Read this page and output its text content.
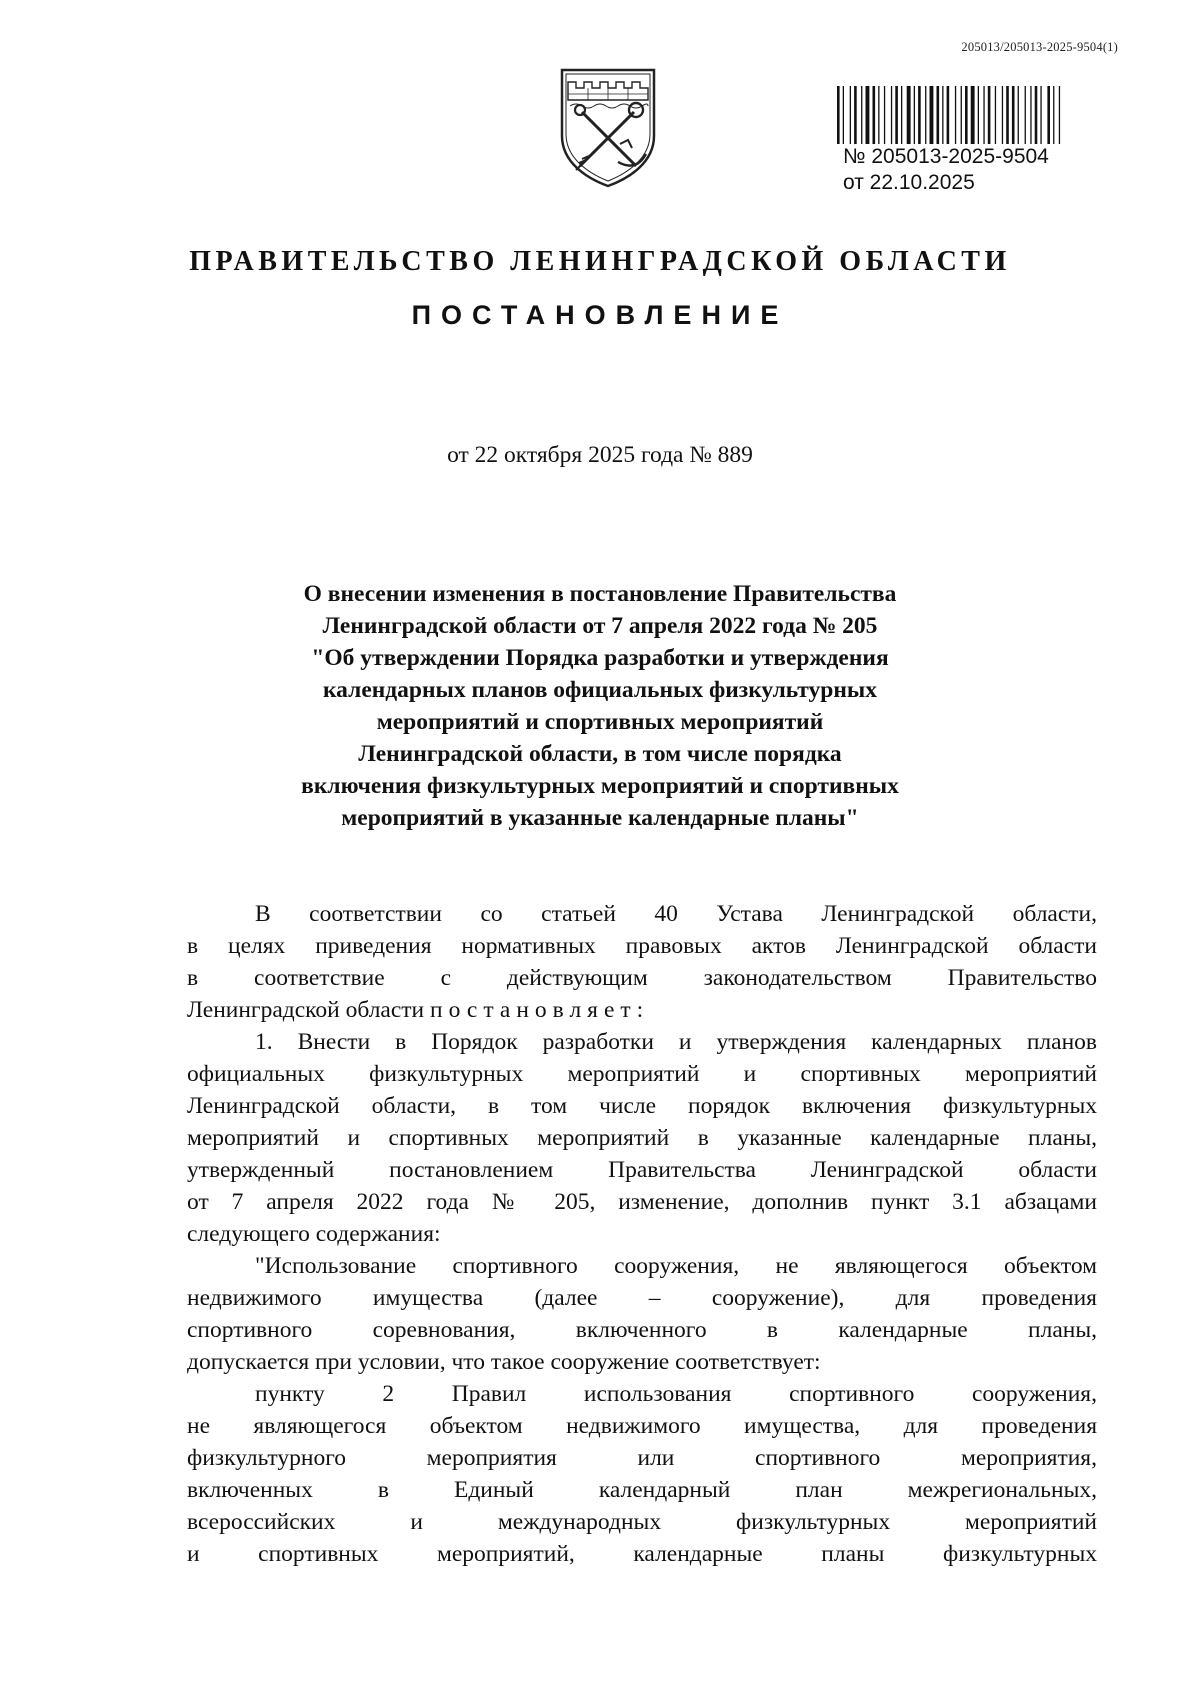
205013/205013-2025-9504(1)
№ 205013-2025-9504
от 22.10.2025
ПРАВИТЕЛЬСТВО ЛЕНИНГРАДСКОЙ ОБЛАСТИ
ПОСТАНОВЛЕНИЕ
от 22 октября 2025 года № 889
О внесении изменения в постановление Правительства
Ленинградской области от 7 апреля 2022 года № 205
"Об утверждении Порядка разработки и утверждения
календарных планов официальных физкультурных
мероприятий и спортивных мероприятий
Ленинградской области, в том числе порядка
включения физкультурных мероприятий и спортивных
мероприятий в указанные календарные планы"
В соответствии со статьей 40 Устава Ленинградской области,
в целях приведения нормативных правовых актов Ленинградской области
в соответствие с действующим законодательством Правительство
Ленинградской области постановляет:
1. Внести в Порядок разработки и утверждения календарных планов
официальных физкультурных мероприятий и спортивных мероприятий
Ленинградской области, в том числе порядок включения физкультурных
мероприятий и спортивных мероприятий в указанные календарные планы,
утвержденный постановлением Правительства Ленинградской области
от 7 апреля 2022 года № 205, изменение, дополнив пункт 3.1 абзацами
следующего содержания:
"Использование спортивного сооружения, не являющегося объектом
недвижимого имущества (далее – сооружение), для проведения
спортивного соревнования, включенного в календарные планы,
допускается при условии, что такое сооружение соответствует:
пункту 2 Правил использования спортивного сооружения,
не являющегося объектом недвижимого имущества, для проведения
физкультурного мероприятия или спортивного мероприятия,
включенных в Единый календарный план межрегиональных,
всероссийских и международных физкультурных мероприятий
и спортивных мероприятий, календарные планы физкультурных
